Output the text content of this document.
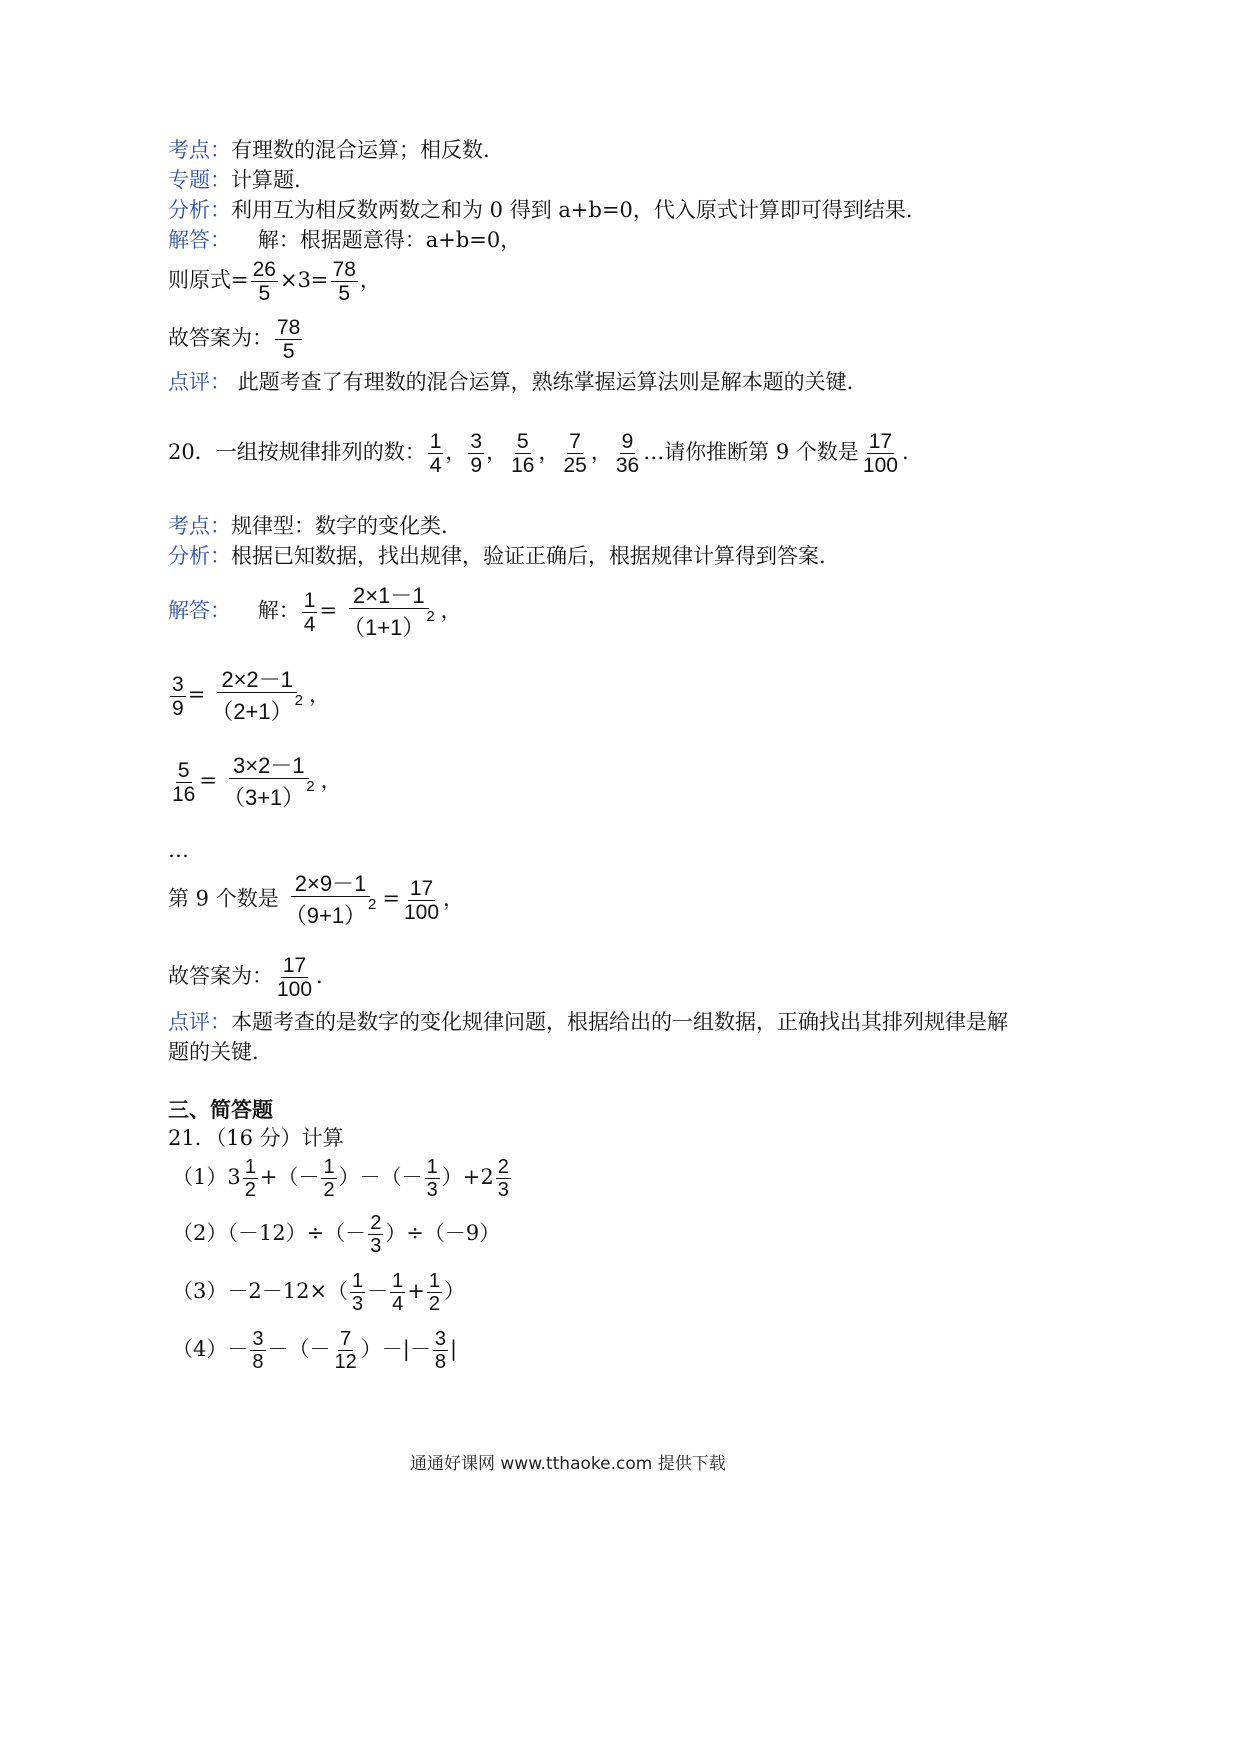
考点：有理数的混合运算；相反数.
专题：计算题.
分析：利用互为相反数两数之和为 0 得到 a+b=0，代入原式计算即可得到结果.
解答： 解：根据题意得：a+b=0，
则原式= $\frac{26}{5} \times 3= \frac{78}{5}$ ，
故答案为： $\frac{78}{5}$
点评： 此题考查了有理数的混合运算，熟练掌握运算法则是解本题的关键.
20．一组按规律排列的数： $\frac{1}{4}$ ， $\frac{3}{9}$ ， $\frac{5}{16}$ ， $\frac{7}{25}$ ， $\frac{9}{36}$ …请你推断第 9 个数是 $\frac{17}{100}$ .
考点：规律型：数字的变化类.
分析：根据已知数据，找出规律，验证正确后，根据规律计算得到答案.
解答： 解： $\frac{1}{4} = \frac{2\times 1-1}{(1+1) ^2}$ ，
$\frac{3}{9} = \frac{2\times 2-1}{(2+1) ^2}$ ，
$\frac{5}{16} = \frac{3\times 2-1}{(3+1) ^2}$ ，
…
第 9 个数是 $\frac{2\times 9-1}{(9+1) ^2} = \frac{17}{100}$ ，
故答案为： $\frac{17}{100}$ .
点评：本题考查的是数字的变化规律问题，根据给出的一组数据，正确找出其排列规律是解
题的关键.
三、简答题
21．（16 分）计算
$(1)3 \frac{1}{2}$ +（－ $\frac{1}{2}$ ）－（－ $\frac{1}{3} )+2 \frac{2}{3}$
$(2)(-12)\div(- \frac{2}{3} )\div(-9)$
$(3)-2-12\times( \frac{1}{3} - \frac{1}{4} + \frac{1}{2}$ ）
$(4)- \frac{3}{8}$ －（－ $\frac{7}{12}$ ）－|－ $\frac{3}{8}$ |
通通好课网 www.tthaoke.com 提供下载
